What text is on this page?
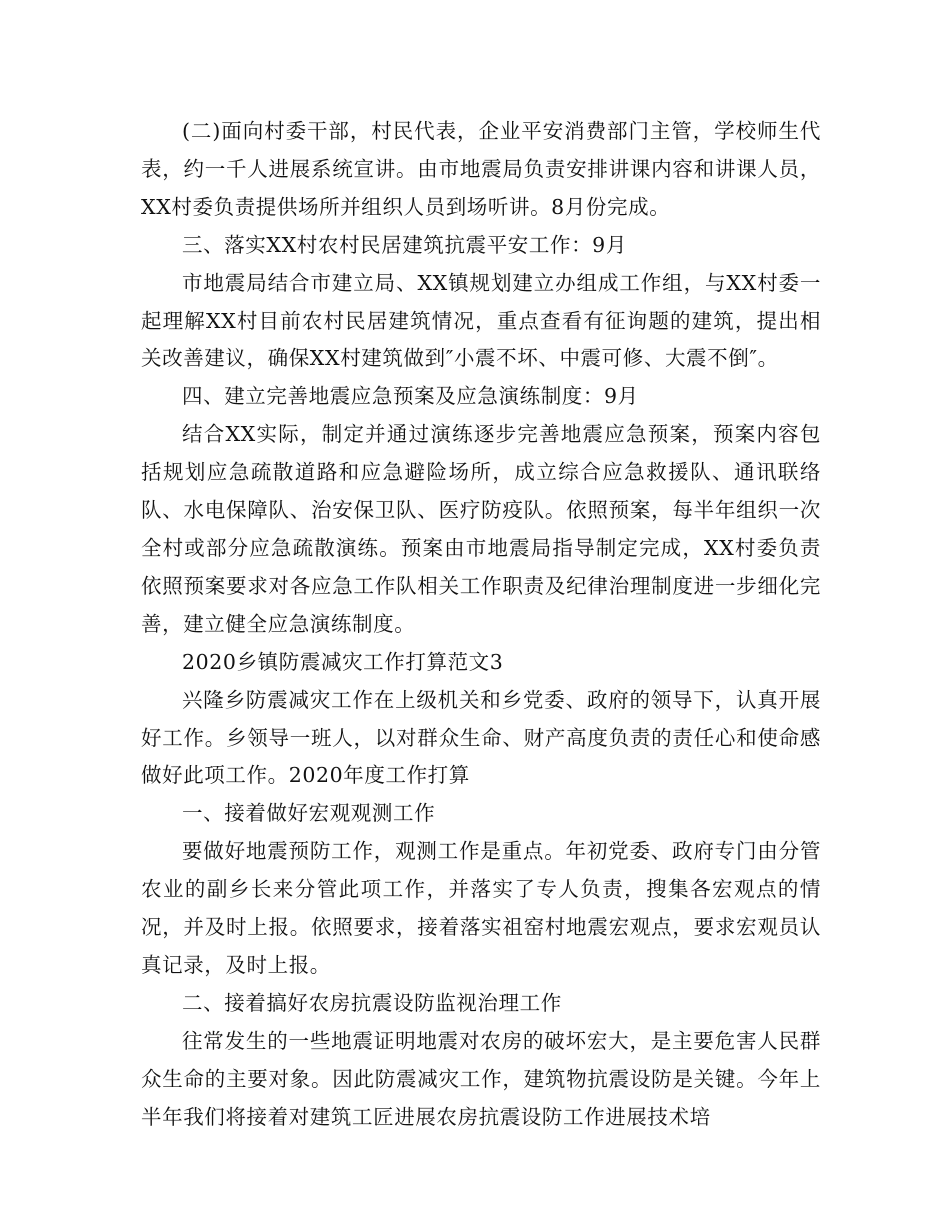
(二)面向村委干部，村民代表，企业平安消费部门主管，学校师生代表，约一千人进展系统宣讲。由市地震局负责安排讲课内容和讲课人员，XX村委负责提供场所并组织人员到场听讲。8月份完成。

三、落实XX村农村民居建筑抗震平安工作：9月

市地震局结合市建立局、XX镇规划建立办组成工作组，与XX村委一起理解XX村目前农村民居建筑情况，重点查看有征询题的建筑，提出相关改善建议，确保XX村建筑做到″小震不坏、中震可修、大震不倒″。

四、建立完善地震应急预案及应急演练制度：9月

结合XX实际，制定并通过演练逐步完善地震应急预案，预案内容包括规划应急疏散道路和应急避险场所，成立综合应急救援队、通讯联络队、水电保障队、治安保卫队、医疗防疫队。依照预案，每半年组织一次全村或部分应急疏散演练。预案由市地震局指导制定完成，XX村委负责依照预案要求对各应急工作队相关工作职责及纪律治理制度进一步细化完善，建立健全应急演练制度。

2020乡镇防震减灾工作打算范文3

兴隆乡防震减灾工作在上级机关和乡党委、政府的领导下，认真开展好工作。乡领导一班人，以对群众生命、财产高度负责的责任心和使命感做好此项工作。2020年度工作打算

一、接着做好宏观观测工作

要做好地震预防工作，观测工作是重点。年初党委、政府专门由分管农业的副乡长来分管此项工作，并落实了专人负责，搜集各宏观点的情况，并及时上报。依照要求，接着落实祖窑村地震宏观点，要求宏观员认真记录，及时上报。

二、接着搞好农房抗震设防监视治理工作

往常发生的一些地震证明地震对农房的破坏宏大，是主要危害人民群众生命的主要对象。因此防震减灾工作，建筑物抗震设防是关键。今年上半年我们将接着对建筑工匠进展农房抗震设防工作进展技术培
